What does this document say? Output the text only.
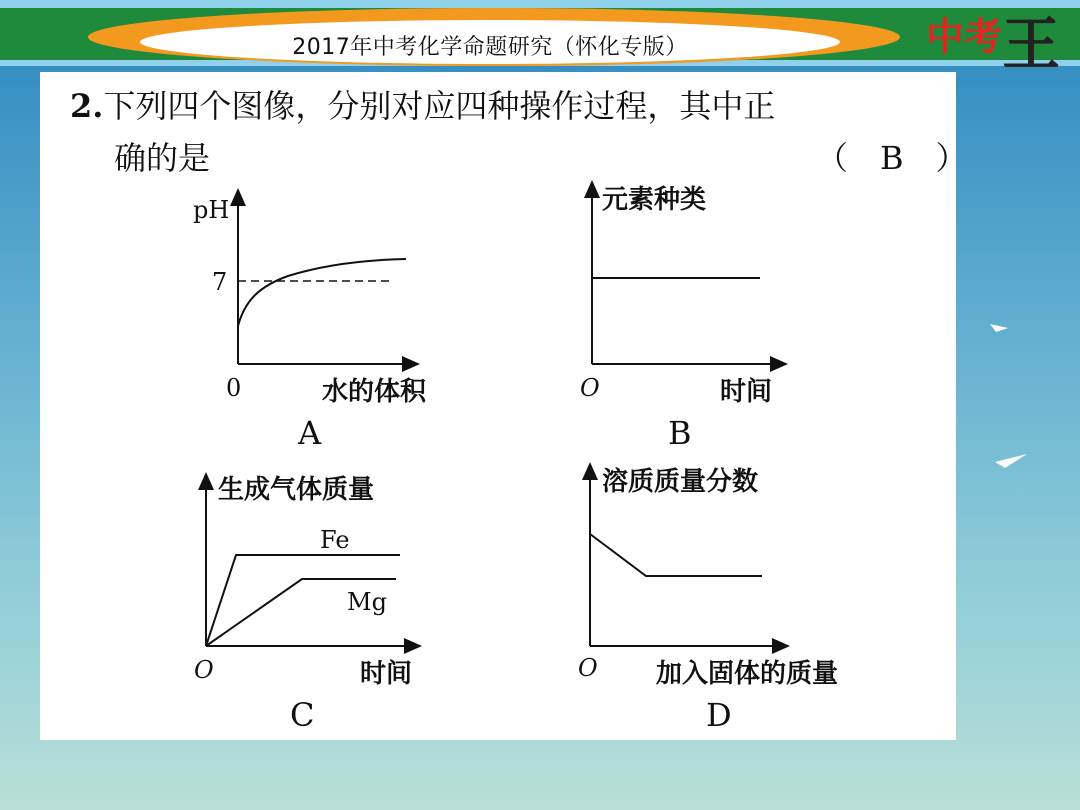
2017年中考化学命题研究（怀化专版）	中考 王
2.下列四个图像，分别对应四种操作过程，其中正
确的是	（　B　）
pH
7
0	水的体积
A
元素种类
O	时间
B
生成气体质量
Fe
Mg
O	时间
C
溶质质量分数
O 加入固体的质量
D
